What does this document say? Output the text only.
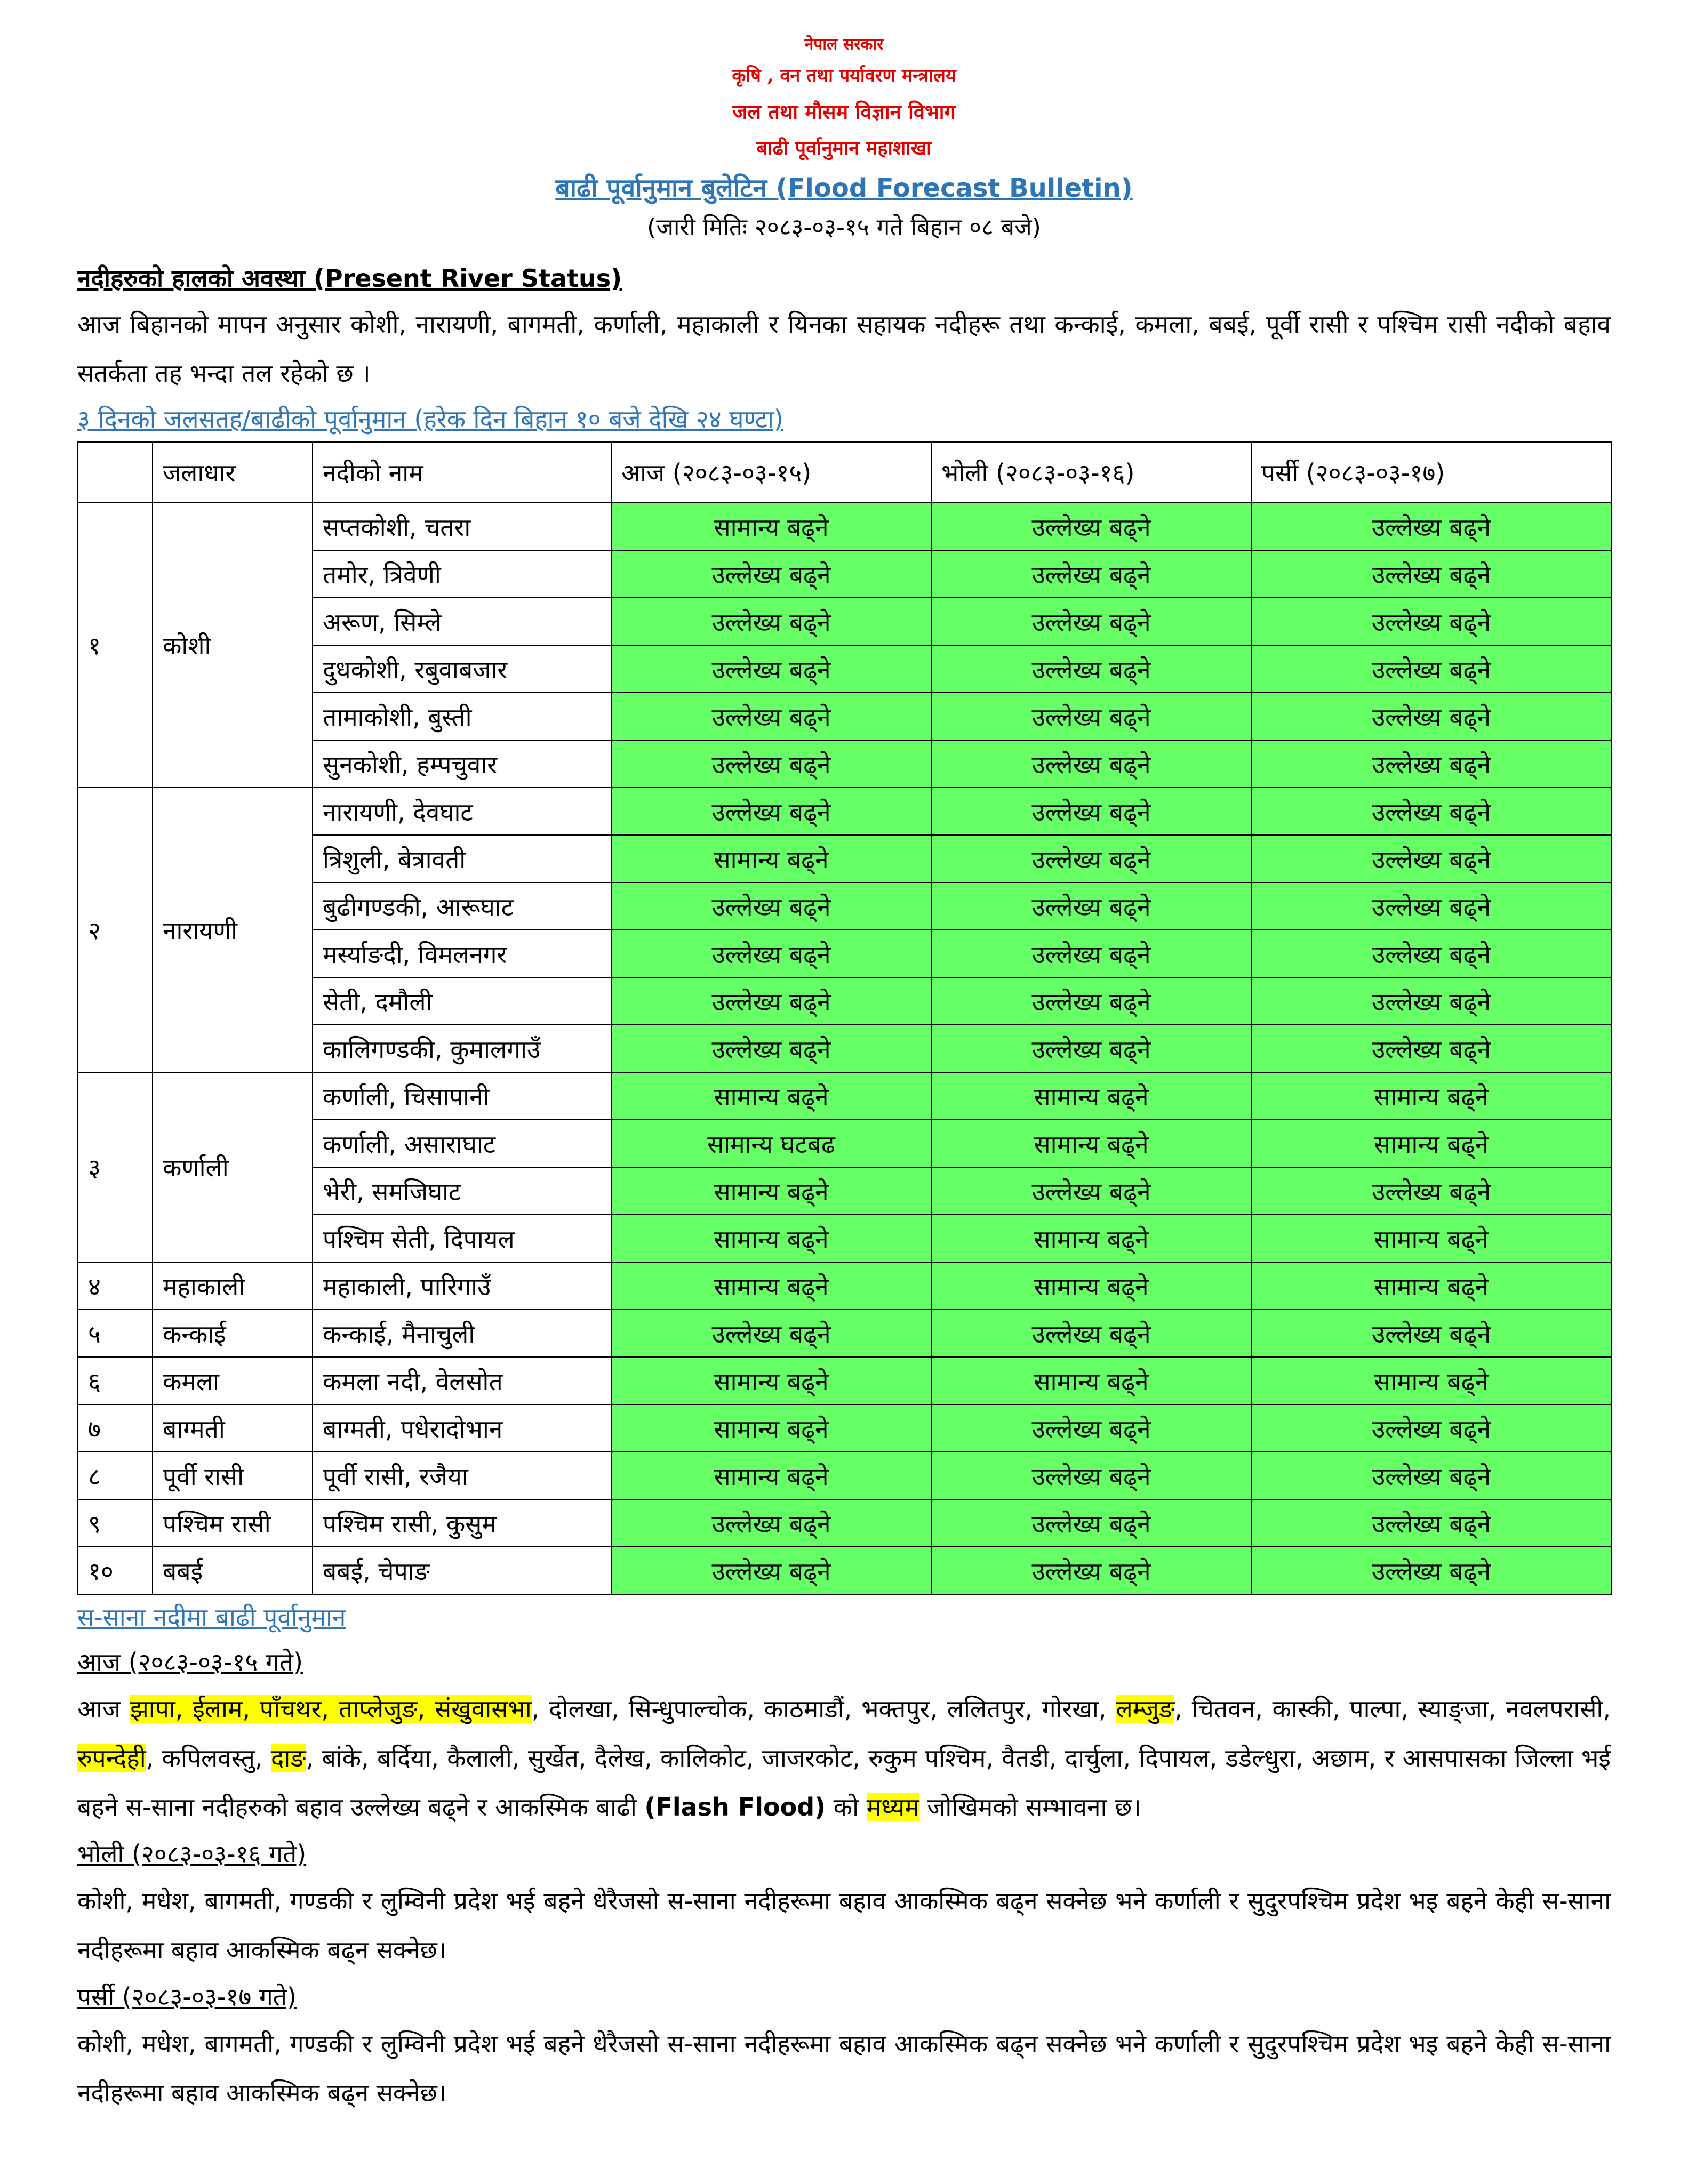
नेपाल सरकार
कृषि , वन तथा पर्यावरण मन्त्रालय
जल तथा मौसम विज्ञान विभाग
बाढी पूर्वानुमान महाशाखा
बाढी पूर्वानुमान बुलेटिन (Flood Forecast Bulletin)
(जारी मितिः २०८३-०३-१५ गते बिहान ०८ बजे)
नदीहरुको हालको अवस्था (Present River Status)
आज बिहानको मापन अनुसार कोशी, नारायणी, बागमती, कर्णाली, महाकाली र यिनका सहायक नदीहरू तथा कन्काई, कमला, बबई, पूर्वी रासी र पश्चिम रासी नदीको बहाव सतर्कता तह भन्दा तल रहेको छ ।
३ दिनको जलसतह/बाढीको पूर्वानुमान (हरेक दिन बिहान १० बजे देखि २४ घण्टा)
	जलाधार	नदीको नाम	आज (२०८३-०३-१५)	भोली (२०८३-०३-१६)	पर्सी (२०८३-०३-१७)
१	कोशी	सप्तकोशी, चतरा	सामान्य बढ्ने	उल्लेख्य बढ्ने	उल्लेख्य बढ्ने
		तमोर, त्रिवेणी	उल्लेख्य बढ्ने	उल्लेख्य बढ्ने	उल्लेख्य बढ्ने
		अरूण, सिम्ले	उल्लेख्य बढ्ने	उल्लेख्य बढ्ने	उल्लेख्य बढ्ने
		दुधकोशी, रबुवाबजार	उल्लेख्य बढ्ने	उल्लेख्य बढ्ने	उल्लेख्य बढ्ने
		तामाकोशी, बुस्ती	उल्लेख्य बढ्ने	उल्लेख्य बढ्ने	उल्लेख्य बढ्ने
		सुनकोशी, हम्पचुवार	उल्लेख्य बढ्ने	उल्लेख्य बढ्ने	उल्लेख्य बढ्ने
२	नारायणी	नारायणी, देवघाट	उल्लेख्य बढ्ने	उल्लेख्य बढ्ने	उल्लेख्य बढ्ने
		त्रिशुली, बेत्रावती	सामान्य बढ्ने	उल्लेख्य बढ्ने	उल्लेख्य बढ्ने
		बुढीगण्डकी, आरूघाट	उल्लेख्य बढ्ने	उल्लेख्य बढ्ने	उल्लेख्य बढ्ने
		मर्स्याङदी, विमलनगर	उल्लेख्य बढ्ने	उल्लेख्य बढ्ने	उल्लेख्य बढ्ने
		सेती, दमौली	उल्लेख्य बढ्ने	उल्लेख्य बढ्ने	उल्लेख्य बढ्ने
		कालिगण्डकी, कुमालगाउँ	उल्लेख्य बढ्ने	उल्लेख्य बढ्ने	उल्लेख्य बढ्ने
३	कर्णाली	कर्णाली, चिसापानी	सामान्य बढ्ने	सामान्य बढ्ने	सामान्य बढ्ने
		कर्णाली, असाराघाट	सामान्य घटबढ	सामान्य बढ्ने	सामान्य बढ्ने
		भेरी, समजिघाट	सामान्य बढ्ने	उल्लेख्य बढ्ने	उल्लेख्य बढ्ने
		पश्चिम सेती, दिपायल	सामान्य बढ्ने	सामान्य बढ्ने	सामान्य बढ्ने
४	महाकाली	महाकाली, पारिगाउँ	सामान्य बढ्ने	सामान्य बढ्ने	सामान्य बढ्ने
५	कन्काई	कन्काई, मैनाचुली	उल्लेख्य बढ्ने	उल्लेख्य बढ्ने	उल्लेख्य बढ्ने
६	कमला	कमला नदी, वेलसोत	सामान्य बढ्ने	सामान्य बढ्ने	सामान्य बढ्ने
७	बाग्मती	बाग्मती, पधेरादोभान	सामान्य बढ्ने	उल्लेख्य बढ्ने	उल्लेख्य बढ्ने
८	पूर्वी रासी	पूर्वी रासी, रजैया	सामान्य बढ्ने	उल्लेख्य बढ्ने	उल्लेख्य बढ्ने
९	पश्चिम रासी	पश्चिम रासी, कुसुम	उल्लेख्य बढ्ने	उल्लेख्य बढ्ने	उल्लेख्य बढ्ने
१०	बबई	बबई, चेपाङ	उल्लेख्य बढ्ने	उल्लेख्य बढ्ने	उल्लेख्य बढ्ने
स-साना नदीमा बाढी पूर्वानुमान
आज (२०८३-०३-१५ गते)
आज झापा, ईलाम, पाँचथर, ताप्लेजुङ, संखुवासभा, दोलखा, सिन्धुपाल्चोक, काठमाडौं, भक्तपुर, ललितपुर, गोरखा, लम्जुङ, चितवन, कास्की, पाल्पा, स्याङ्जा, नवलपरासी, रुपन्देही, कपिलवस्तु, दाङ, बांके, बर्दिया, कैलाली, सुर्खेत, दैलेख, कालिकोट, जाजरकोट, रुकुम पश्चिम, वैतडी, दार्चुला, दिपायल, डडेल्धुरा, अछाम, र आसपासका जिल्ला भई बहने स-साना नदीहरुको बहाव उल्लेख्य बढ्ने र आकस्मिक बाढी (Flash Flood) को मध्यम जोखिमको सम्भावना छ।
भोली (२०८३-०३-१६ गते)
कोशी, मधेश, बागमती, गण्डकी र लुम्विनी प्रदेश भई बहने धेरैजसो स-साना नदीहरूमा बहाव आकस्मिक बढ्न सक्नेछ भने कर्णाली र सुदुरपश्चिम प्रदेश भइ बहने केही स-साना नदीहरूमा बहाव आकस्मिक बढ्न सक्नेछ।
पर्सी (२०८३-०३-१७ गते)
कोशी, मधेश, बागमती, गण्डकी र लुम्विनी प्रदेश भई बहने धेरैजसो स-साना नदीहरूमा बहाव आकस्मिक बढ्न सक्नेछ भने कर्णाली र सुदुरपश्चिम प्रदेश भइ बहने केही स-साना नदीहरूमा बहाव आकस्मिक बढ्न सक्नेछ।
